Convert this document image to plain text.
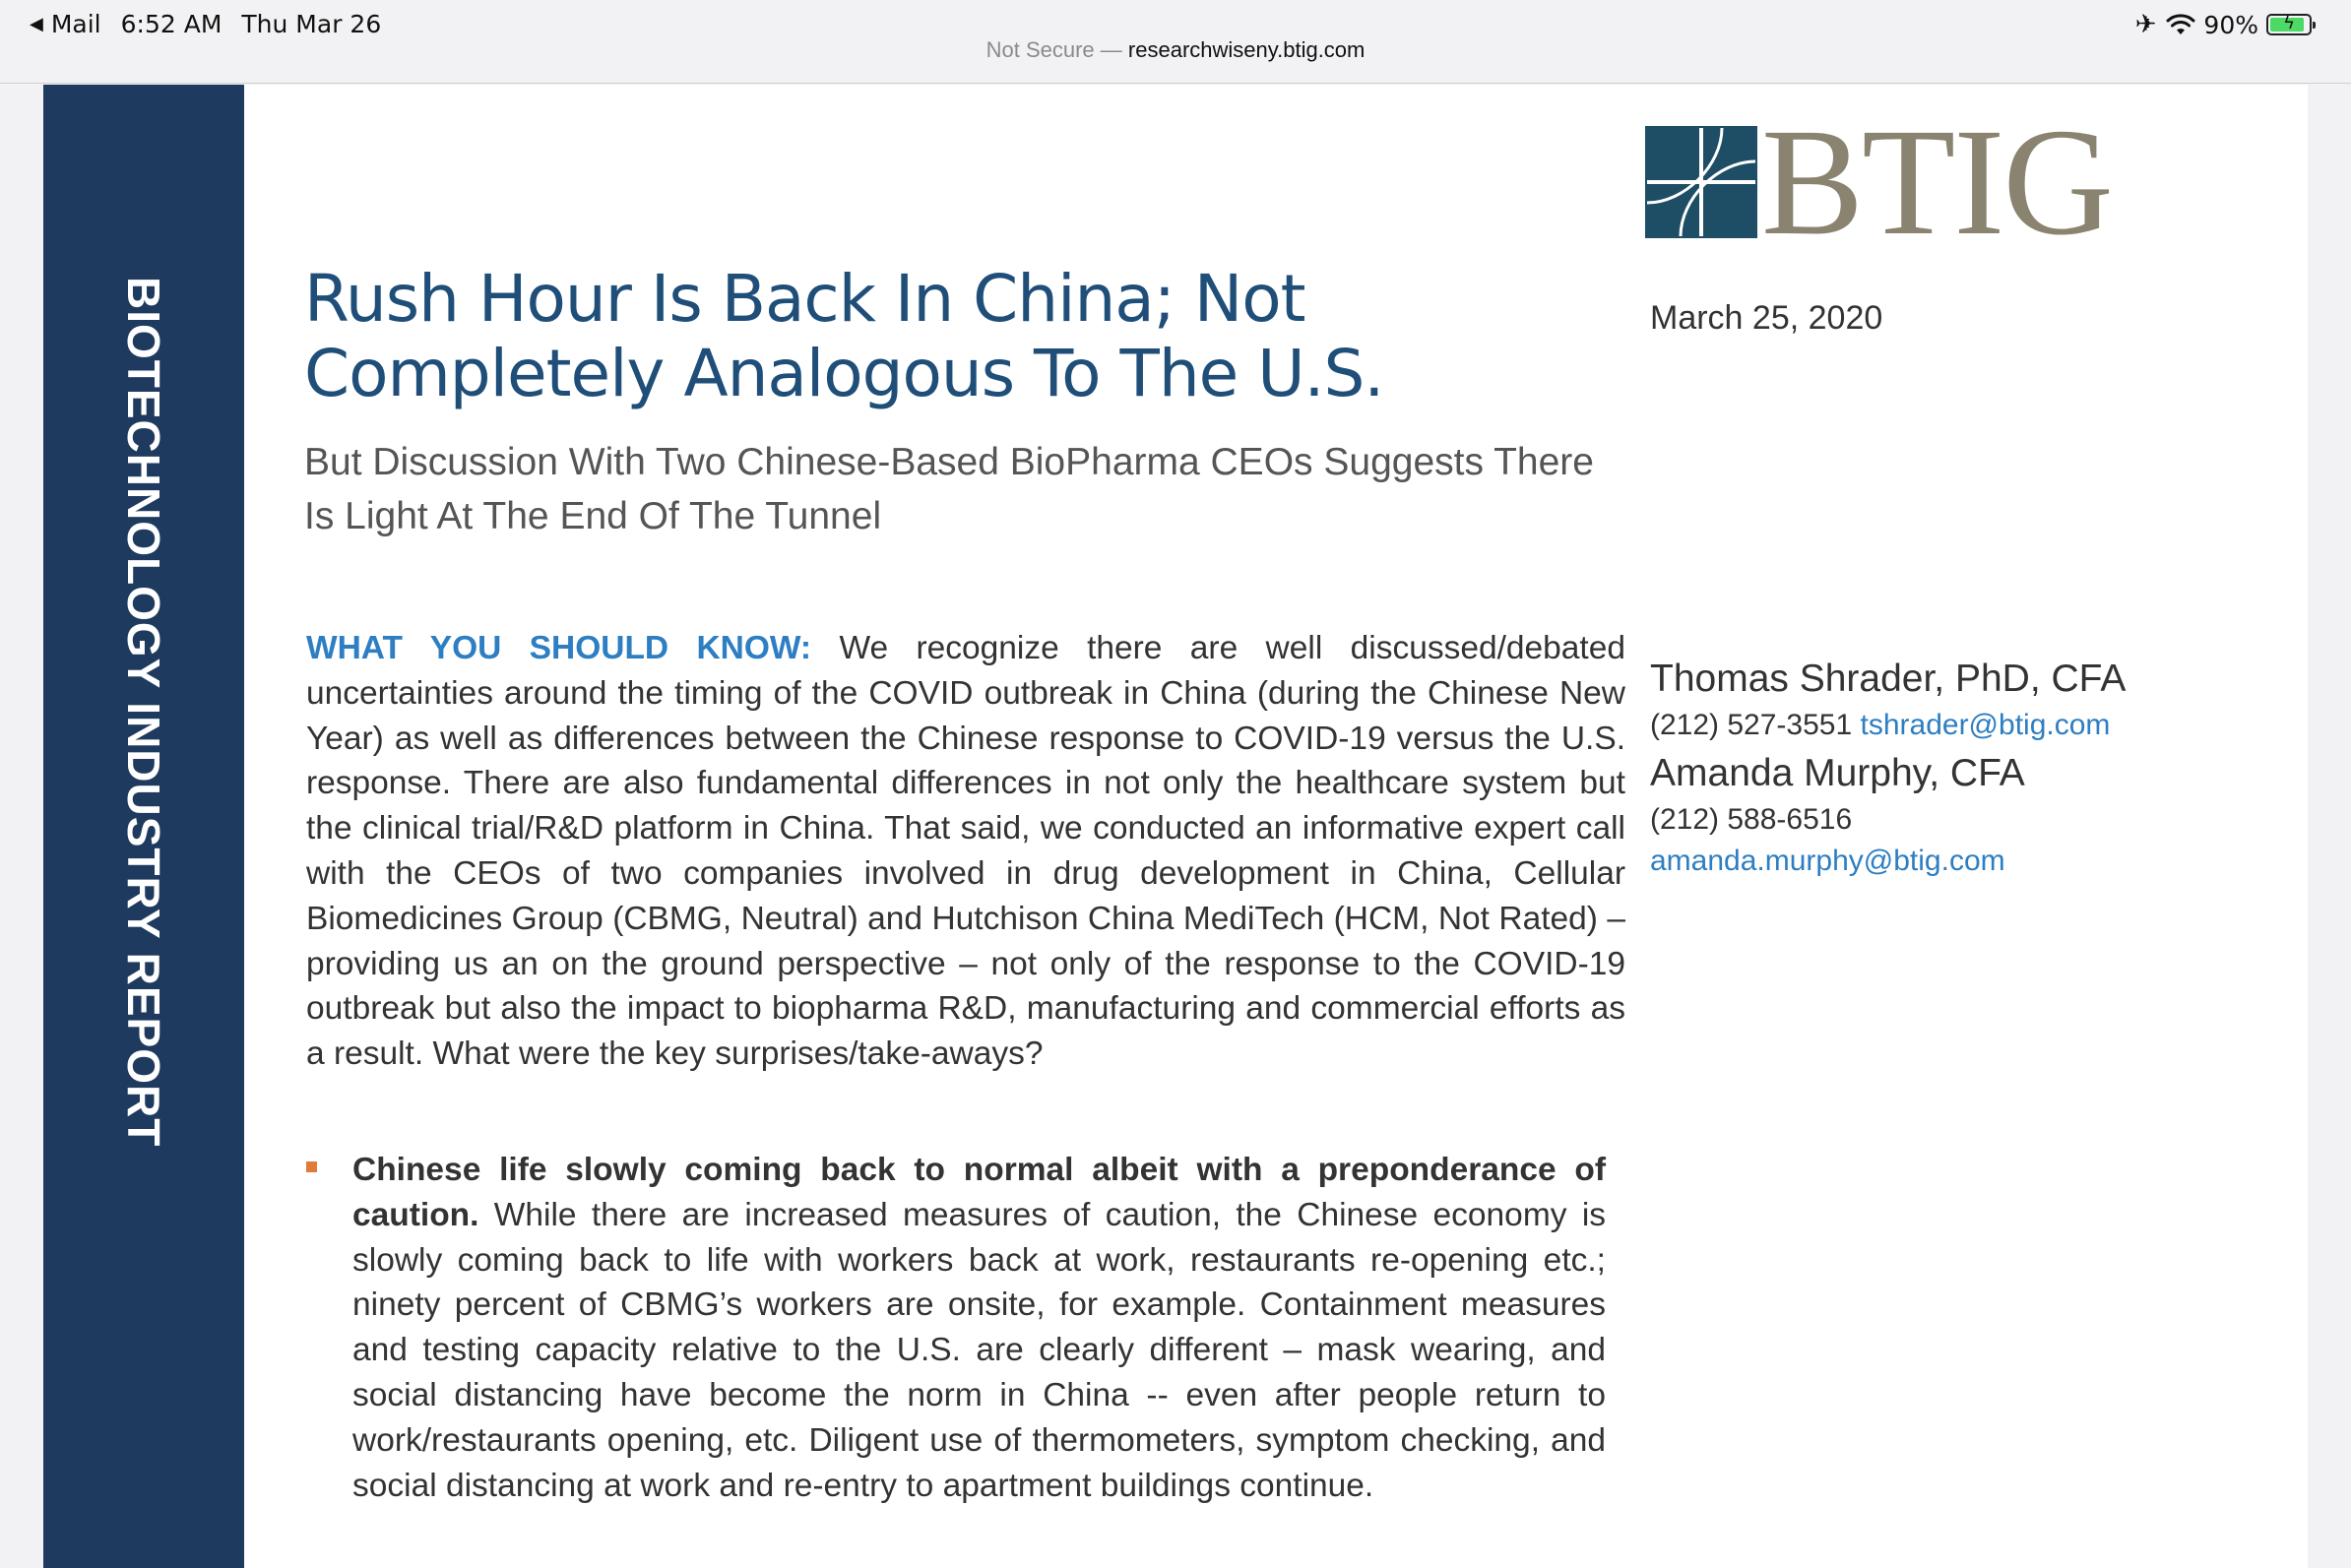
◀ Mail 6:52 AM Thu Mar 26	✈ 90%	ϟ
Not Secure — researchwiseny.btig.com
BIOTECHNOLOGY INDUSTRY REPORT
BTIG
March 25, 2020
Rush Hour Is Back In China; Not Completely Analogous To The U.S.
But Discussion With Two Chinese-Based BioPharma CEOs Suggests There Is Light At The End Of The Tunnel

WHAT YOU SHOULD KNOW: We recognize there are well discussed/debated uncertainties around the timing of the COVID outbreak in China (during the Chinese New Year) as well as differences between the Chinese response to COVID-19 versus the U.S. response. There are also fundamental differences in not only the healthcare system but the clinical trial/R&D platform in China. That said, we conducted an informative expert call with the CEOs of two companies involved in drug development in China, Cellular Biomedicines Group (CBMG, Neutral) and Hutchison China MediTech (HCM, Not Rated) – providing us an on the ground perspective – not only of the response to the COVID-19 outbreak but also the impact to biopharma R&D, manufacturing and commercial efforts as a result. What were the key surprises/take-aways?

Chinese life slowly coming back to normal albeit with a preponderance of caution. While there are increased measures of caution, the Chinese economy is slowly coming back to life with workers back at work, restaurants re-opening etc.; ninety percent of CBMG’s workers are onsite, for example. Containment measures and testing capacity relative to the U.S. are clearly different – mask wearing, and social distancing have become the norm in China -- even after people return to work/restaurants opening, etc. Diligent use of thermometers, symptom checking, and social distancing at work and re-entry to apartment buildings continue.

Thomas Shrader, PhD, CFA
(212) 527-3551 tshrader@btig.com
Amanda Murphy, CFA
(212) 588-6516
amanda.murphy@btig.com
